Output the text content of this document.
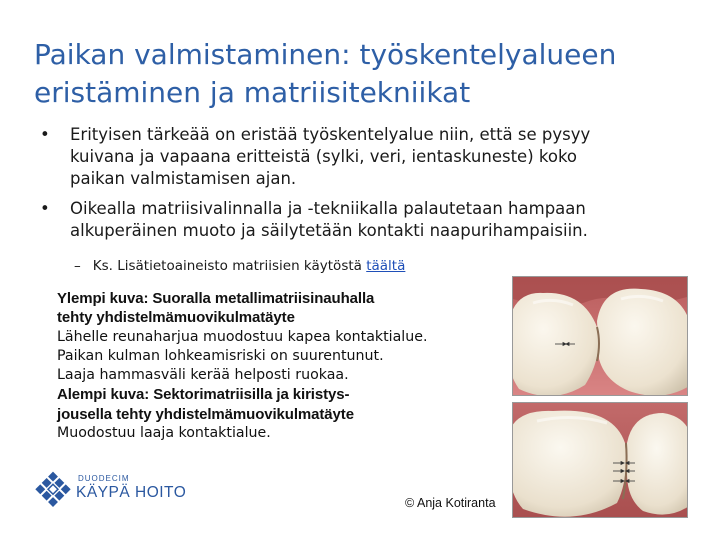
Paikan valmistaminen: työskentelyalueen
eristäminen ja matriisitekniikat
• Erityisen tärkeää on eristää työskentelyalue niin, että se pysyy
kuivana ja vapaana eritteistä (sylki, veri, ientaskuneste) koko
paikan valmistamisen ajan.
• Oikealla matriisivalinnalla ja -tekniikalla palautetaan hampaan
alkuperäinen muoto ja säilytetään kontakti naapurihampaisiin.
– Ks. Lisätietoaineisto matriisien käytöstä täältä
Ylempi kuva: Suoralla metallimatriisinauhalla
tehty yhdistelmämuovikulmatäyte
Lähelle reunaharjua muodostuu kapea kontaktialue.
Paikan kulman lohkeamisriski on suurentunut.
Laaja hammasväli kerää helposti ruokaa.
Alempi kuva: Sektorimatriisilla ja kiristys-
jousella tehty yhdistelmämuovikulmatäyte
Muodostuu laaja kontaktialue.
DUODECIM
KÄYPÄ HOITO
© Anja Kotiranta
